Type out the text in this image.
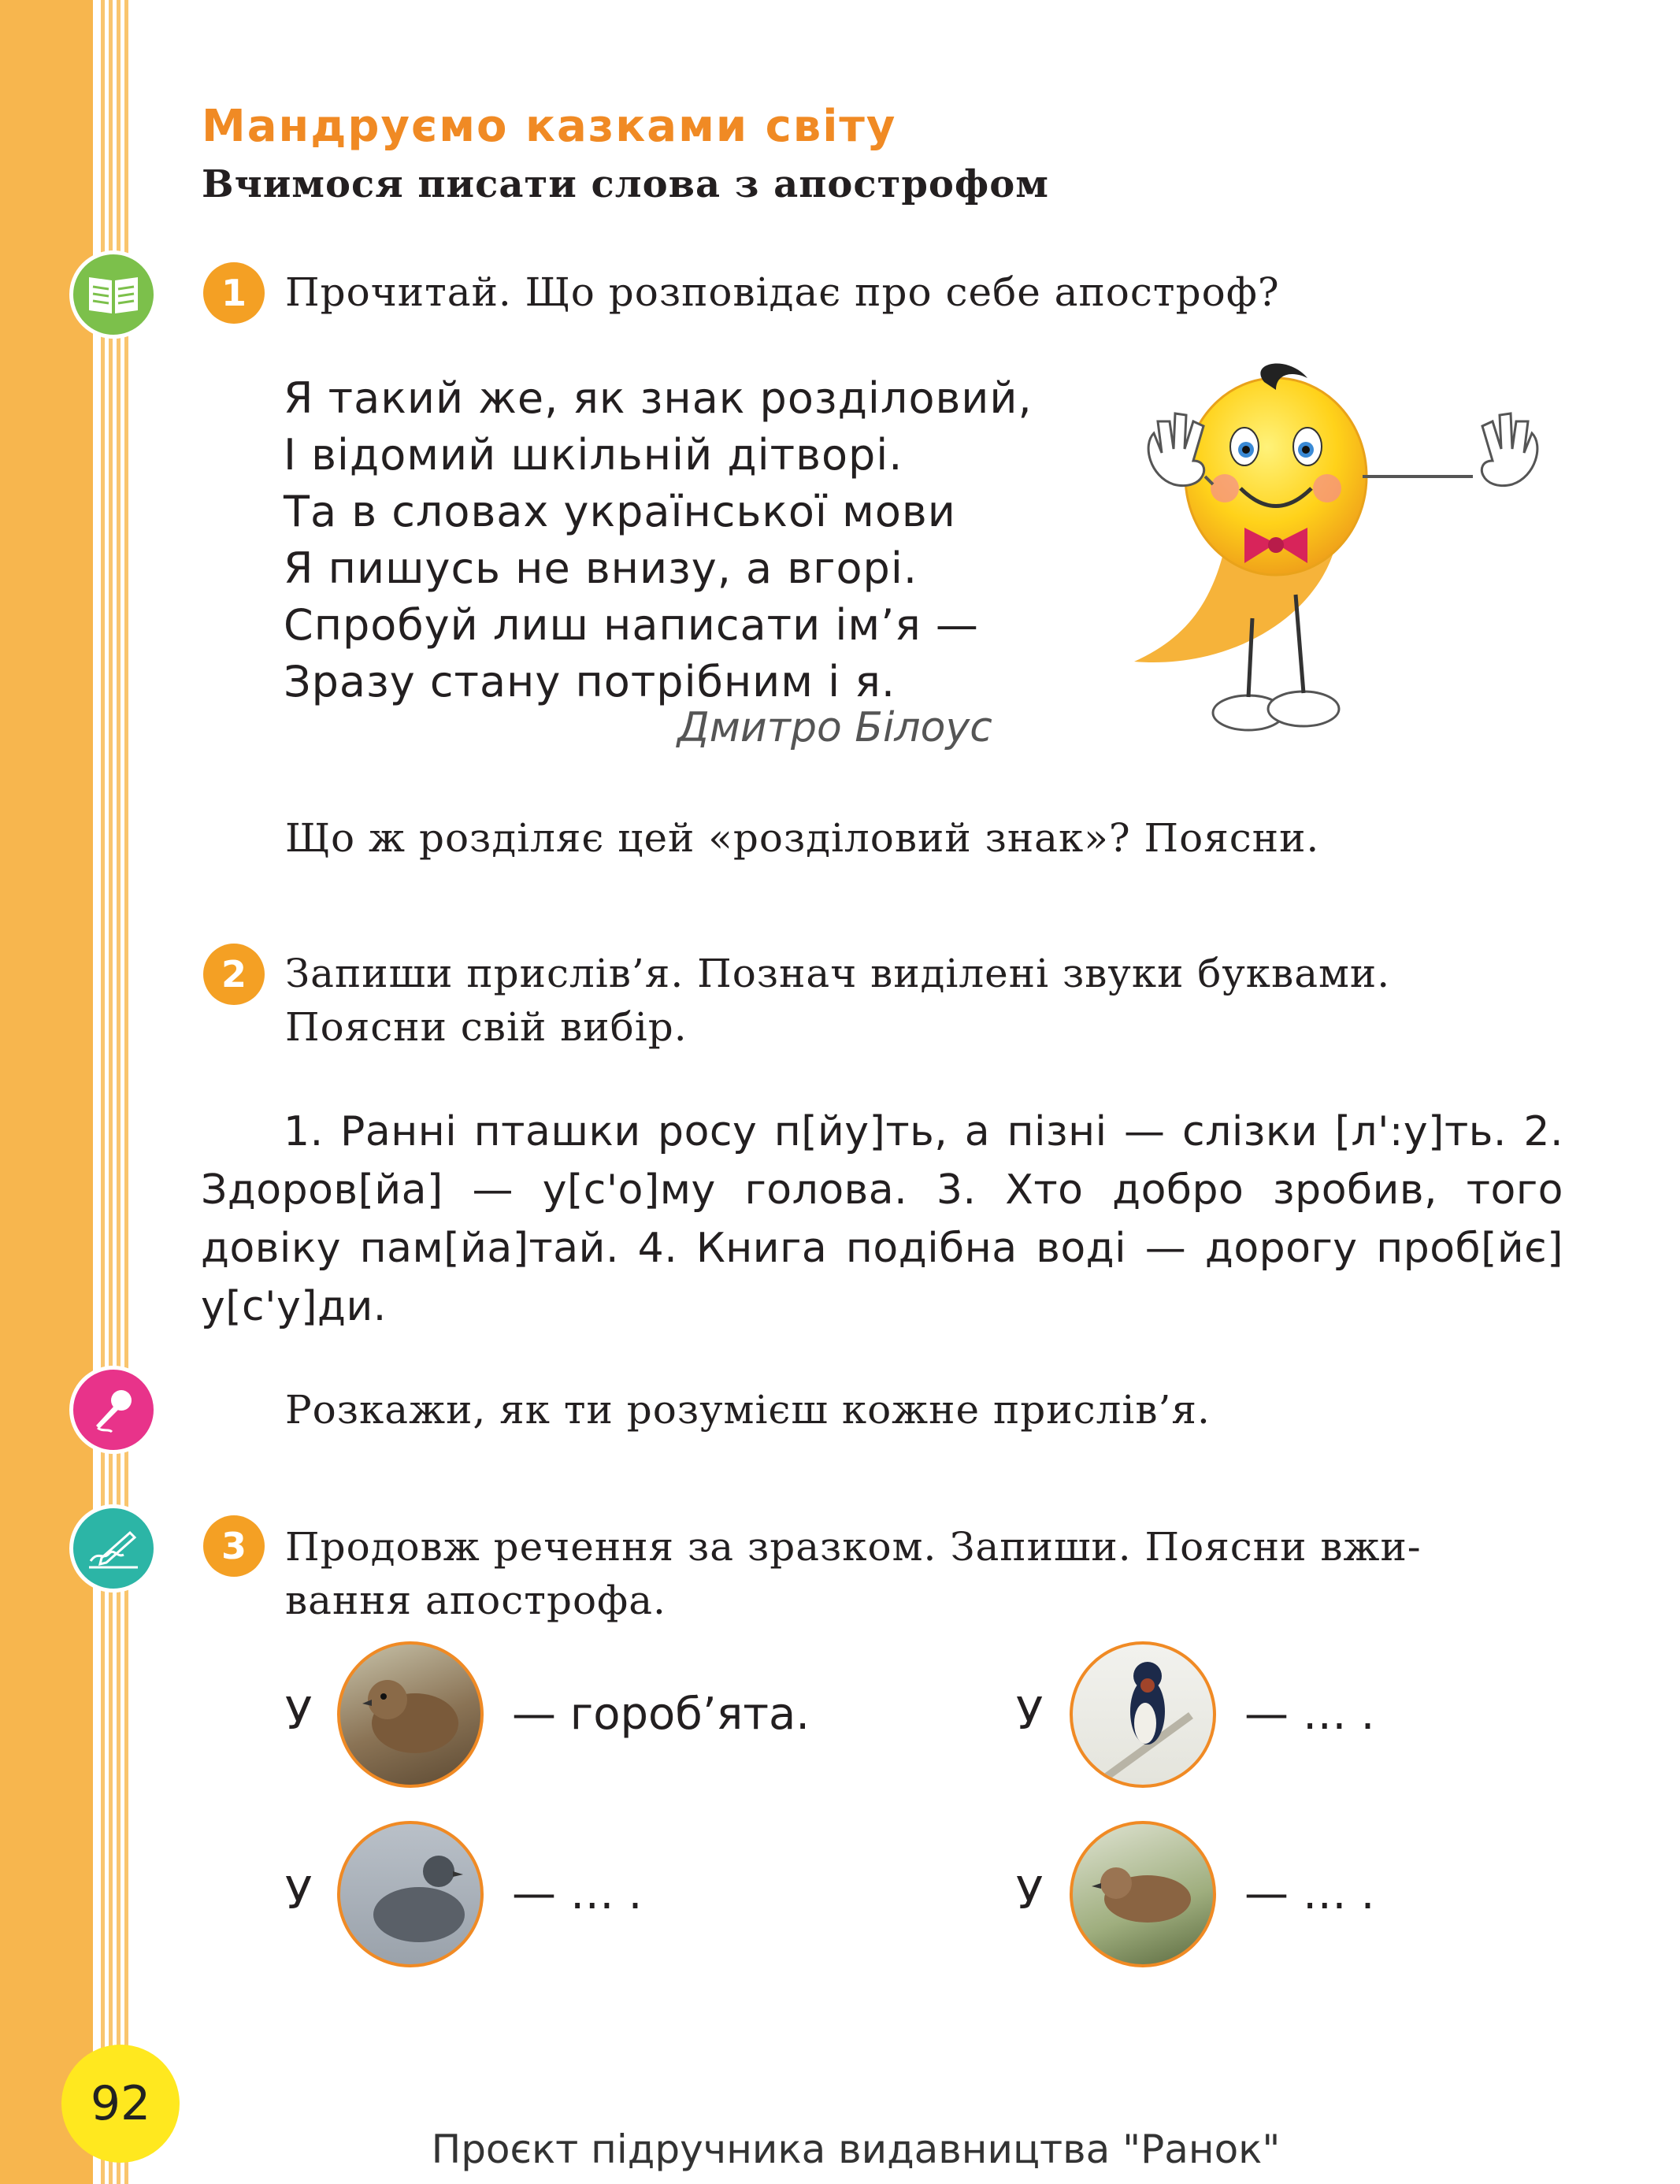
Мандруємо казками світу
Вчимося писати слова з апострофом
1 Прочитай. Що розповідає про себе апостроф?
Я такий же, як знак розділовий,
І відомий шкільній дітворі.
Та в словах української мови
Я пишусь не внизу, а вгорі.
Спробуй лиш написати ім’я —
Зразу стану потрібним і я.
Дмитро Білоус
Що ж розділяє цей «розділовий знак»? Поясни.
2 Запиши прислів’я. Познач виділені звуки буквами.
Поясни свій вибір.
1. Ранні пташки росу п[йу]ть, а пізні — слізки [л':у]ть. 2. Здоров[йа] — у[с'о]му голова. 3. Хто добро зробив, того довіку пам[йа]тай. 4. Книга подібна воді — дорогу проб[йє] у[с'у]ди.
Розкажи, як ти розумієш кожне прислів’я.
3 Продовж речення за зразком. Запиши. Поясни вжи-
вання апострофа.
У	— гороб’ята.	У	— … .
У	— … .	У	— … .
92
Проєкт підручника видавництва "Ранок"
